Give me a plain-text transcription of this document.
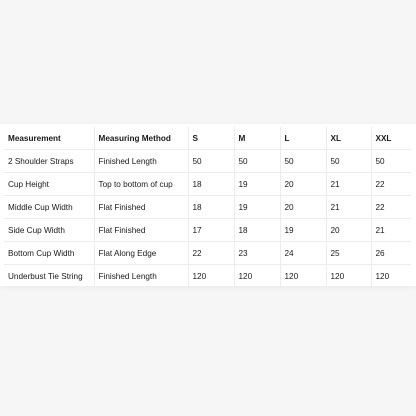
Measurement	Measuring Method	S	M	L	XL	XXL
2 Shoulder Straps	Finished Length	50	50	50	50	50
Cup Height	Top to bottom of cup	18	19	20	21	22
Middle Cup Width	Flat Finished	18	19	20	21	22
Side Cup Width	Flat Finished	17	18	19	20	21
Bottom Cup Width	Flat Along Edge	22	23	24	25	26
Underbust Tie String	Finished Length	120	120	120	120	120
